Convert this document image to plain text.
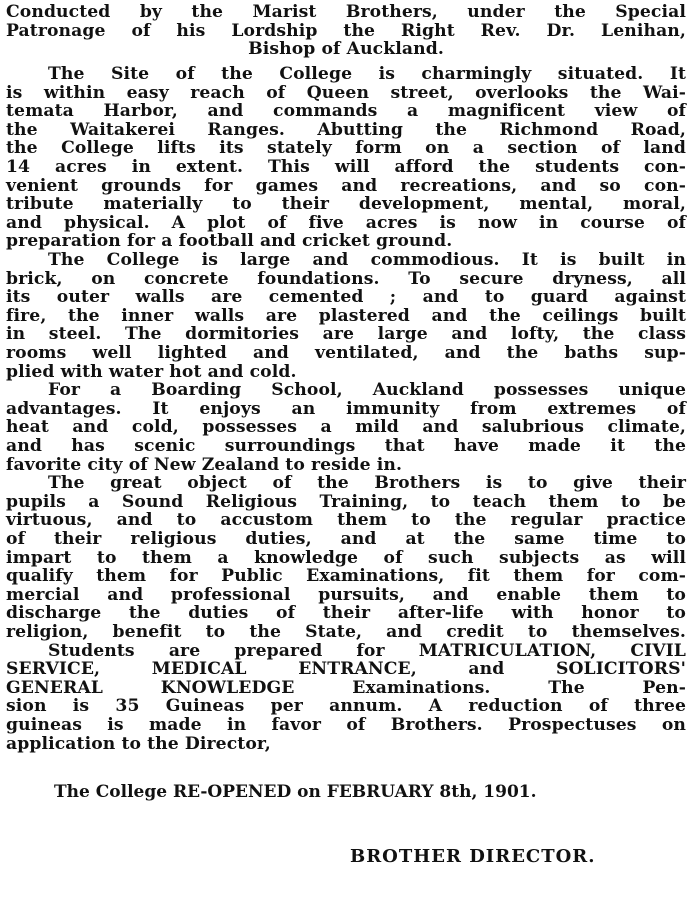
Conducted by the Marist Brothers, under the Special
Patronage of his Lordship the Right Rev. Dr. Lenihan,
Bishop of Auckland.
The Site of the College is charmingly situated. It
is within easy reach of Queen street, overlooks the Wai-
temata Harbor, and commands a magnificent view of
the Waitakerei Ranges. Abutting the Richmond Road,
the College lifts its stately form on a section of land
14 acres in extent. This will afford the students con-
venient grounds for games and recreations, and so con-
tribute materially to their development, mental, moral,
and physical. A plot of five acres is now in course of
preparation for a football and cricket ground.
The College is large and commodious. It is built in
brick, on concrete foundations. To secure dryness, all
its outer walls are cemented ; and to guard against
fire, the inner walls are plastered and the ceilings built
in steel. The dormitories are large and lofty, the class
rooms well lighted and ventilated, and the baths sup-
plied with water hot and cold.
For a Boarding School, Auckland possesses unique
advantages. It enjoys an immunity from extremes of
heat and cold, possesses a mild and salubrious climate,
and has scenic surroundings that have made it the
favorite city of New Zealand to reside in.
The great object of the Brothers is to give their
pupils a Sound Religious Training, to teach them to be
virtuous, and to accustom them to the regular practice
of their religious duties, and at the same time to
impart to them a knowledge of such subjects as will
qualify them for Public Examinations, fit them for com-
mercial and professional pursuits, and enable them to
discharge the duties of their after-life with honor to
religion, benefit to the State, and credit to themselves.
Students are prepared for MATRICULATION, CIVIL
SERVICE, MEDICAL ENTRANCE, and SOLICITORS'
GENERAL KNOWLEDGE Examinations. The Pen-
sion is 35 Guineas per annum. A reduction of three
guineas is made in favor of Brothers. Prospectuses on
application to the Director,
The College RE-OPENED on FEBRUARY 8th, 1901.
BROTHER DIRECTOR.
